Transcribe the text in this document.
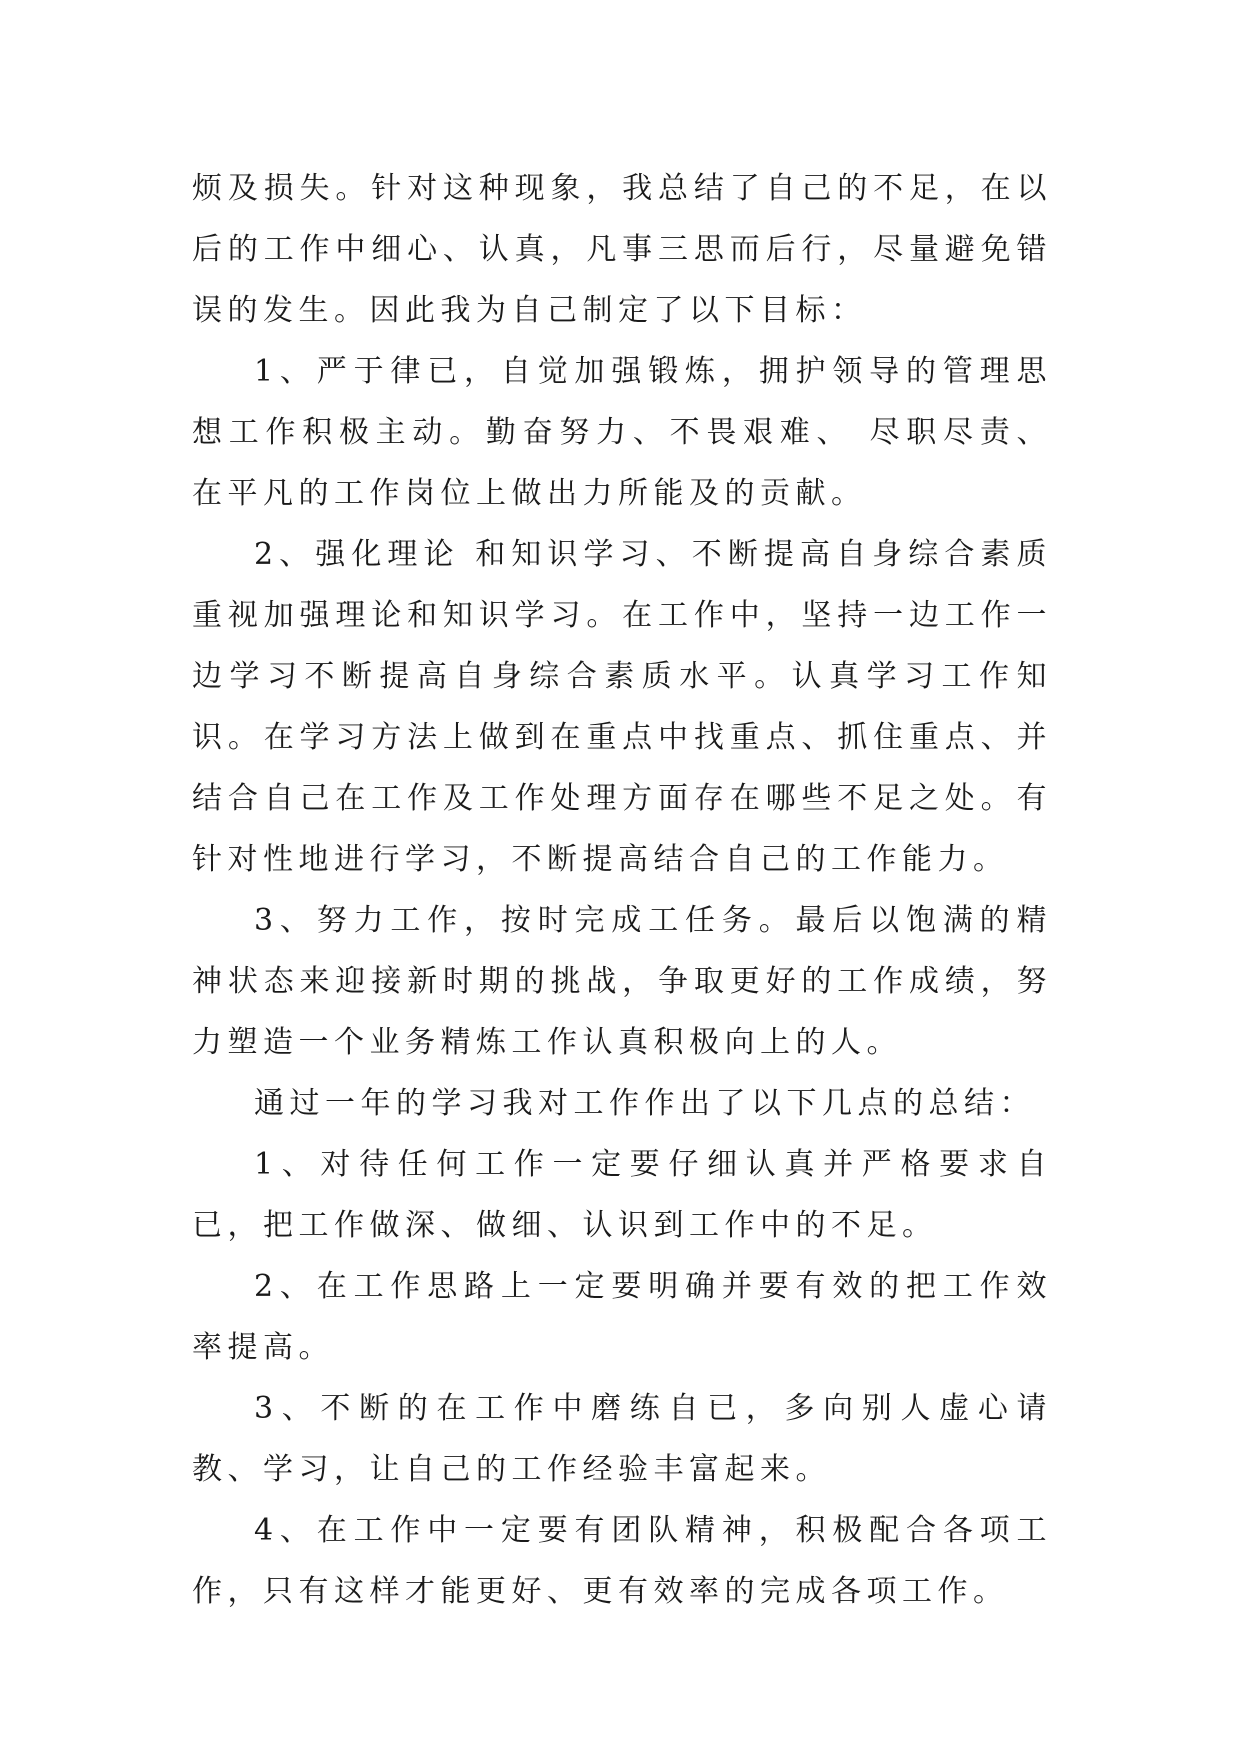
烦及损失。针对这种现象，我总结了自己的不足，在以后的工作中细心、认真，凡事三思而后行，尽量避免错误的发生。因此我为自己制定了以下目标：

1、严于律已，自觉加强锻炼，拥护领导的管理思想工作积极主动。勤奋努力、不畏艰难、 尽职尽责、在平凡的工作岗位上做出力所能及的贡献。

2、强化理论 和知识学习、不断提高自身综合素质重视加强理论和知识学习。在工作中，坚持一边工作一边学习不断提高自身综合素质水平。认真学习工作知识。在学习方法上做到在重点中找重点、抓住重点、并结合自己在工作及工作处理方面存在哪些不足之处。有针对性地进行学习，不断提高结合自己的工作能力。

3、努力工作，按时完成工任务。最后以饱满的精神状态来迎接新时期的挑战，争取更好的工作成绩，努力塑造一个业务精炼工作认真积极向上的人。

通过一年的学习我对工作作出了以下几点的总结：

1、对待任何工作一定要仔细认真并严格要求自已，把工作做深、做细、认识到工作中的不足。

2、在工作思路上一定要明确并要有效的把工作效率提高。

3、不断的在工作中磨练自已，多向别人虚心请教、学习，让自己的工作经验丰富起来。

4、在工作中一定要有团队精神，积极配合各项工作，只有这样才能更好、更有效率的完成各项工作。
